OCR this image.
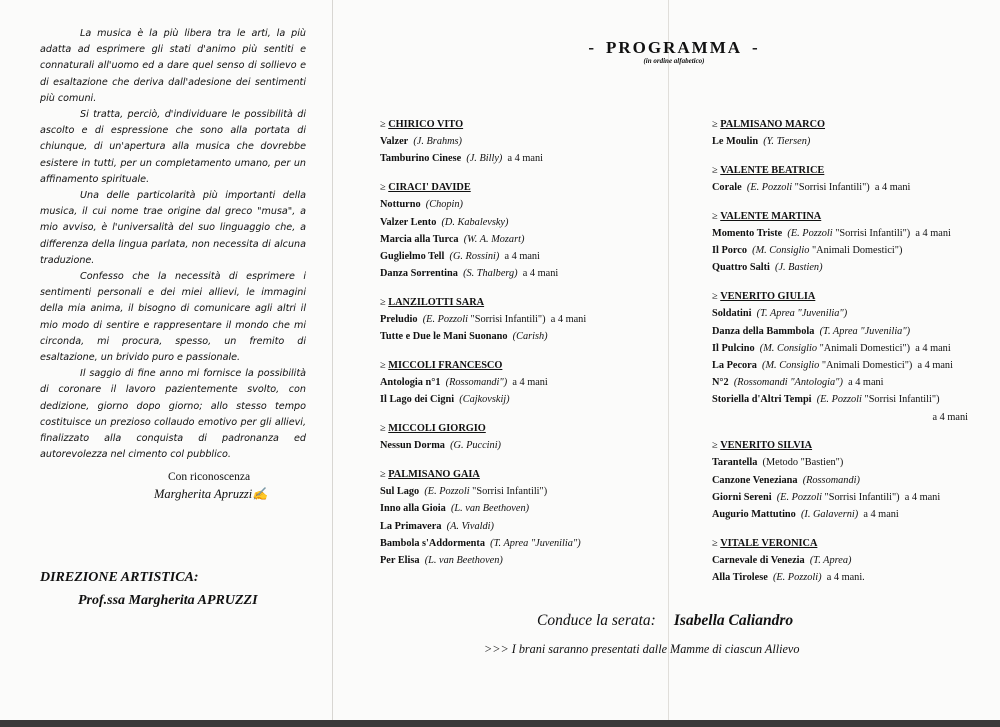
La musica è la più libera tra le arti, la più adatta ad esprimere gli stati d'animo più sentiti e connaturali all'uomo ed a dare quel senso di sollievo e di esaltazione che deriva dall'adesione dei sentimenti più comuni.

Si tratta, perciò, d'individuare le possibilità di ascolto e di espressione che sono alla portata di chiunque, di un'apertura alla musica che dovrebbe esistere in tutti, per un completamento umano, per un affinamento spirituale.

Una delle particolarità più importanti della musica, il cui nome trae origine dal greco "musa", a mio avviso, è l'universalità del suo linguaggio che, a differenza della lingua parlata, non necessita di alcuna traduzione.

Confesso che la necessità di esprimere i sentimenti personali e dei miei allievi, le immagini della mia anima, il bisogno di comunicare agli altri il mio modo di sentire e rappresentare il mondo che mi circonda, mi procura, spesso, un fremito di esaltazione, un brivido puro e passionale.

Il saggio di fine anno mi fornisce la possibilità di coronare il lavoro pazientemente svolto, con dedizione, giorno dopo giorno; allo stesso tempo costituisce un prezioso collaudo emotivo per gli allievi, finalizzato alla conquista di padronanza ed autorevolezza nel cimento col pubblico.

Con riconoscenza
Margherita Apruzzi✍
DIREZIONE ARTISTICA:
Prof.ssa Margherita APRUZZI
- PROGRAMMA -
(in ordine alfabetico)
≥ CHIRICO VITO
Valzer (J. Brahms)
Tamburino Cinese (J. Billy) a 4 mani
≥ CIRACI' DAVIDE
Notturno (Chopin)
Valzer Lento (D. Kabalevsky)
Marcia alla Turca (W. A. Mozart)
Guglielmo Tell (G. Rossini) a 4 mani
Danza Sorrentina (S. Thalberg) a 4 mani
≥ LANZILOTTI SARA
Preludio (E. Pozzoli "Sorrisi Infantili") a 4 mani
Tutte e Due le Mani Suonano (Carish)
≥ MICCOLI FRANCESCO
Antologia n°1 (Rossomandi") a 4 mani
Il Lago dei Cigni (Cajkovskij)
≥ MICCOLI GIORGIO
Nessun Dorma (G. Puccini)
≥ PALMISANO GAIA
Sul Lago (E. Pozzoli "Sorrisi Infantili")
Inno alla Gioia (L. van Beethoven)
La Primavera (A. Vivaldi)
Bambola s'Addormenta (T. Aprea "Juvenilia")
Per Elisa (L. van Beethoven)
≥ PALMISANO MARCO
Le Moulin (Y. Tiersen)
≥ VALENTE BEATRICE
Corale (E. Pozzoli "Sorrisi Infantili") a 4 mani
≥ VALENTE MARTINA
Momento Triste (E. Pozzoli "Sorrisi Infantili") a 4 mani
Il Porco (M. Consiglio "Animali Domestici")
Quattro Salti (J. Bastien)
≥ VENERITO GIULIA
Soldatini (T. Aprea "Juvenilia")
Danza della Bammbola (T. Aprea "Juvenilia")
Il Pulcino (M. Consiglio "Animali Domestici") a 4 mani
La Pecora (M. Consiglio "Animali Domestici") a 4 mani
N°2 (Rossomandi "Antologia") a 4 mani
Storiella d'Altri Tempi (E. Pozzoli "Sorrisi Infantili")
a 4 mani
≥ VENERITO SILVIA
Tarantella (Metodo "Bastien")
Canzone Veneziana (Rossomandi)
Giorni Sereni (E. Pozzoli "Sorrisi Infantili") a 4 mani
Augurio Mattutino (I. Galaverni) a 4 mani
≥ VITALE VERONICA
Carnevale di Venezia (T. Aprea)
Alla Tirolese (E. Pozzoli) a 4 mani.
Conduce la serata: Isabella Caliandro
>>> I brani saranno presentati dalle Mamme di ciascun Allievo
